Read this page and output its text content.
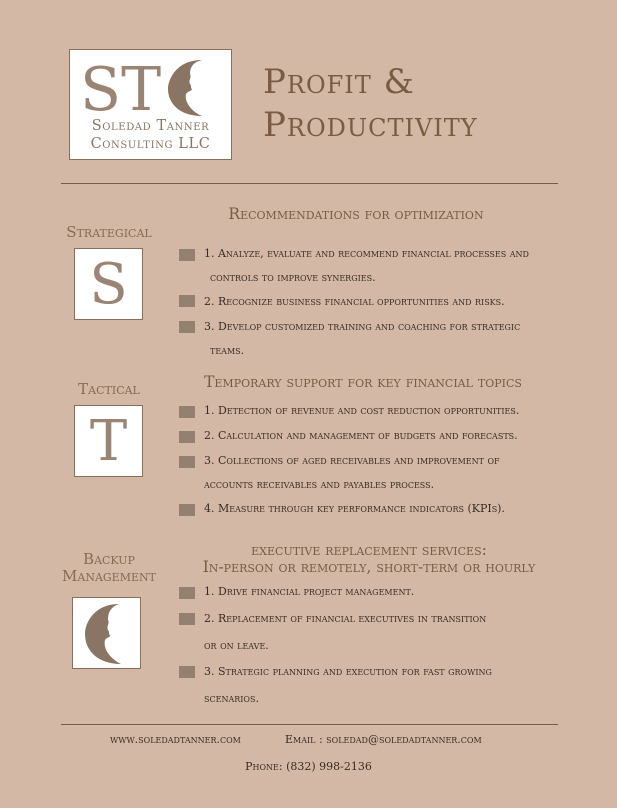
ST
Soledad Tanner
Consulting LLC
Profit &
Productivity
Strategical
S
Recommendations for optimization
1. Analyze, evaluate and recommend financial processes and
controls to improve synergies.
2. Recognize business financial opportunities and risks.
3. Develop customized training and coaching for strategic
teams.
Tactical
T
Temporary support for key financial topics
1. Detection of revenue and cost reduction opportunities.
2. Calculation and management of budgets and forecasts.
3. Collections of aged receivables and improvement of
accounts receivables and payables process.
4. Measure through key performance indicators (KPIs).
Backup
Management
executive replacement services:
In-person or remotely, short-term or hourly
1. Drive financial project management.
2. Replacement of financial executives in transition
or on leave.
3. Strategic planning and execution for fast growing
scenarios.
www.soledadtanner.com	Email : soledad@soledadtanner.com
Phone: (832) 998-2136
